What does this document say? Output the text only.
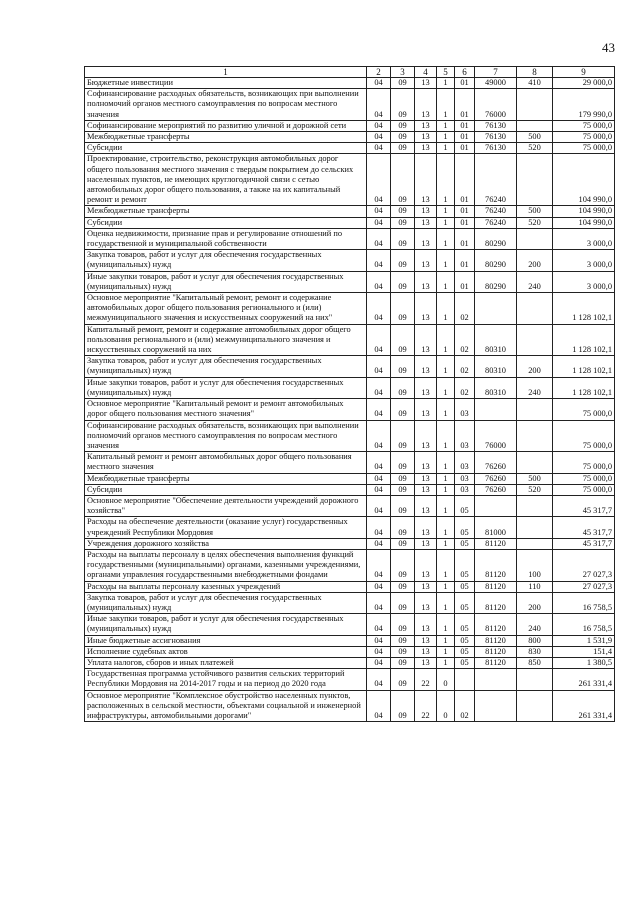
43
1	2	3	4	5	6	7	8	9
Бюджетные инвестиции	04	09	13	1	01	49000	410	29 000,0
Софинансирование расходных обязательств, возникающих при выполнении полномочий органов местного самоуправления по вопросам местного значения	04	09	13	1	01	76000		179 990,0
Софинансирование мероприятий по развитию уличной и дорожной сети	04	09	13	1	01	76130		75 000,0
Межбюджетные трансферты	04	09	13	1	01	76130	500	75 000,0
Субсидии	04	09	13	1	01	76130	520	75 000,0
Проектирование, строительство, реконструкция автомобильных дорог общего пользования местного значения с твердым покрытием до сельских населенных пунктов, не имеющих круглогодичной связи с сетью автомобильных дорог общего пользования, а также на их капитальный ремонт и ремонт	04	09	13	1	01	76240		104 990,0
Межбюджетные трансферты	04	09	13	1	01	76240	500	104 990,0
Субсидии	04	09	13	1	01	76240	520	104 990,0
Оценка недвижимости, признание прав и регулирование отношений по государственной и муниципальной собственности	04	09	13	1	01	80290		3 000,0
Закупка товаров, работ и услуг для обеспечения государственных (муниципальных) нужд	04	09	13	1	01	80290	200	3 000,0
Иные закупки товаров, работ и услуг для обеспечения государственных (муниципальных) нужд	04	09	13	1	01	80290	240	3 000,0
Основное мероприятие "Капитальный ремонт, ремонт и содержание автомобильных дорог общего пользования регионального и (или) межмуниципального значения и искусственных сооружений на них"	04	09	13	1	02			1 128 102,1
Капитальный ремонт, ремонт и содержание автомобильных дорог общего пользования регионального и (или) межмуниципального значения и искусственных сооружений на них	04	09	13	1	02	80310		1 128 102,1
Закупка товаров, работ и услуг для обеспечения государственных (муниципальных) нужд	04	09	13	1	02	80310	200	1 128 102,1
Иные закупки товаров, работ и услуг для обеспечения государственных (муниципальных) нужд	04	09	13	1	02	80310	240	1 128 102,1
Основное мероприятие "Капитальный ремонт и ремонт автомобильных дорог общего пользования местного значения"	04	09	13	1	03			75 000,0
Софинансирование расходных обязательств, возникающих при выполнении полномочий органов местного самоуправления по вопросам местного значения	04	09	13	1	03	76000		75 000,0
Капитальный ремонт и ремонт автомобильных дорог общего пользования местного значения	04	09	13	1	03	76260		75 000,0
Межбюджетные трансферты	04	09	13	1	03	76260	500	75 000,0
Субсидии	04	09	13	1	03	76260	520	75 000,0
Основное мероприятие "Обеспечение деятельности учреждений дорожного хозяйства"	04	09	13	1	05			45 317,7
Расходы на обеспечение деятельности (оказание услуг) государственных учреждений Республики Мордовия	04	09	13	1	05	81000		45 317,7
Учреждения дорожного хозяйства	04	09	13	1	05	81120		45 317,7
Расходы на выплаты персоналу в целях обеспечения выполнения функций государственными (муниципальными) органами, казенными учреждениями, органами управления государственными внебюджетными фондами	04	09	13	1	05	81120	100	27 027,3
Расходы на выплаты персоналу казенных учреждений	04	09	13	1	05	81120	110	27 027,3
Закупка товаров, работ и услуг для обеспечения государственных (муниципальных) нужд	04	09	13	1	05	81120	200	16 758,5
Иные закупки товаров, работ и услуг для обеспечения государственных (муниципальных) нужд	04	09	13	1	05	81120	240	16 758,5
Иные бюджетные ассигнования	04	09	13	1	05	81120	800	1 531,9
Исполнение судебных актов	04	09	13	1	05	81120	830	151,4
Уплата налогов, сборов и иных платежей	04	09	13	1	05	81120	850	1 380,5
Государственная программа устойчивого развития сельских территорий Республики Мордовия на 2014-2017 годы и на период до 2020 года	04	09	22	0				261 331,4
Основное мероприятие "Комплексное обустройство населенных пунктов, расположенных в сельской местности, объектами социальной и инженерной инфраструктуры, автомобильными дорогами"	04	09	22	0	02			261 331,4
